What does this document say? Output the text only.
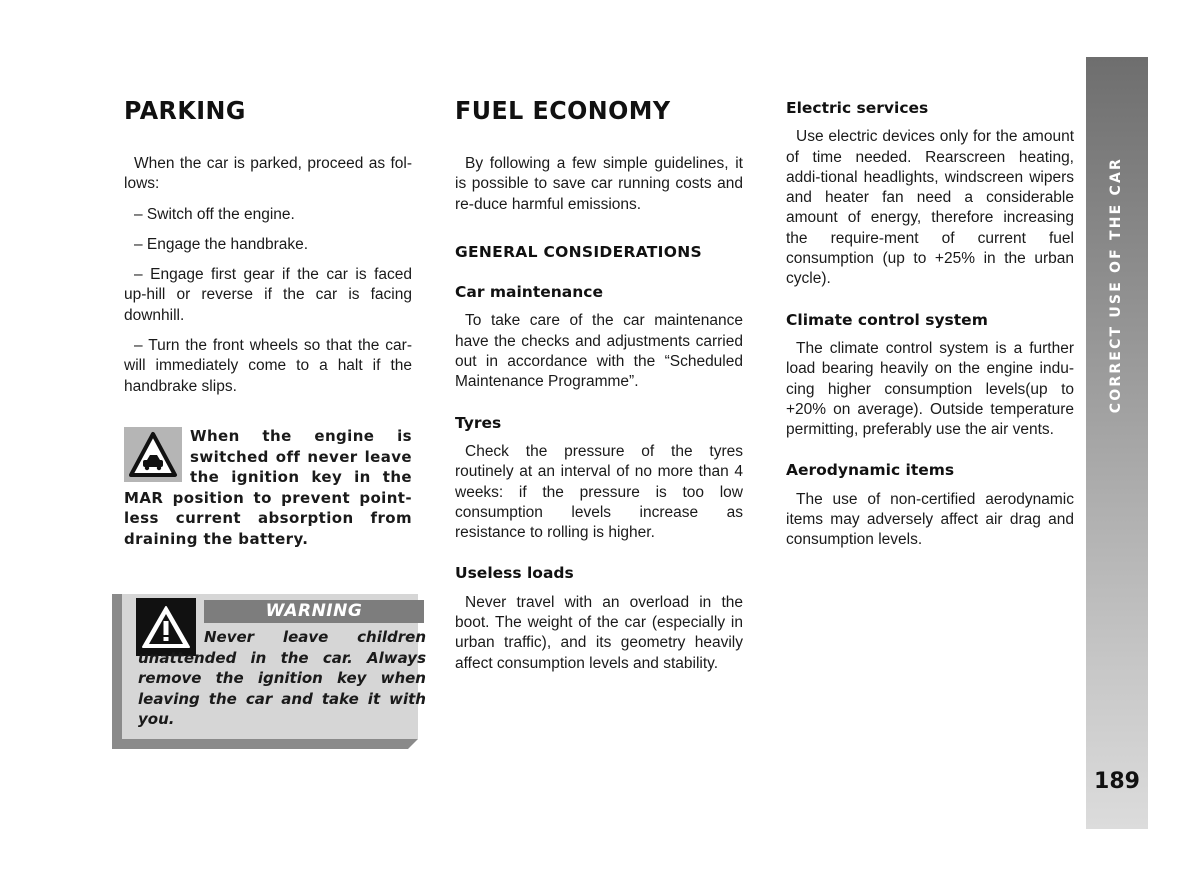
PARKING

When the car is parked, proceed as fol-lows:

– Switch off the engine.

– Engage the handbrake.

– Engage first gear if the car is faced up-hill or reverse if the car is facing downhill.

– Turn the front wheels so that the car-will immediately come to a halt if the handbrake slips.

When the engine is switched off never leave the ignition key in the MAR position to prevent point-less current absorption from draining the battery.
WARNING
Never leave children unattended in the car. Always remove the ignition key when leaving the car and take it with you.
FUEL ECONOMY

By following a few simple guidelines, it is possible to save car running costs and re-duce harmful emissions.

GENERAL CONSIDERATIONS
Car maintenance

To take care of the car maintenance have the checks and adjustments carried out in accordance with the “Scheduled Maintenance Programme”.

Tyres

Check the pressure of the tyres routinely at an interval of no more than 4 weeks: if the pressure is too low consumption levels increase as resistance to rolling is higher.

Useless loads

Never travel with an overload in the boot. The weight of the car (especially in urban traffic), and its geometry heavily affect consumption levels and stability.

Electric services

Use electric devices only for the amount of time needed. Rearscreen heating, addi-tional headlights, windscreen wipers and heater fan need a considerable amount of energy, therefore increasing the require-ment of current fuel consumption (up to +25% in the urban cycle).

Climate control system

The climate control system is a further load bearing heavily on the engine indu-cing higher consumption levels(up to +20% on average). Outside temperature permitting, preferably use the air vents.

Aerodynamic items

The use of non-certified aerodynamic items may adversely affect air drag and consumption levels.

CORRECT USE OF THE CAR
189
